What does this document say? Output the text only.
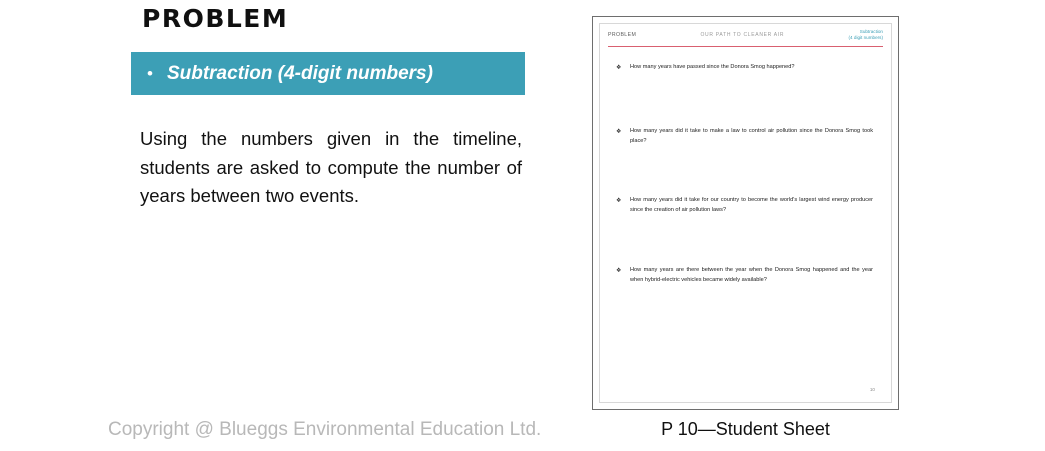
PROBLEM
• Subtraction (4-digit numbers)
Using the numbers given in the timeline, students are asked to compute the number of years between two events.
Copyright @ Blueggs Environmental Education Ltd.
PROBLEM	OUR PATH TO CLEANER AIR
Subtraction
(4 digit numbers)
❖ How many years have passed since the Donora Smog happened?
❖ How many years did it take to make a law to control air pollution since the Donora Smog took place?
❖ How many years did it take for our country to become the world's largest wind energy producer since the creation of air pollution laws?
❖ How many years are there between the year when the Donora Smog happened and the year when hybrid-electric vehicles became widely available?
10
P 10—Student Sheet
